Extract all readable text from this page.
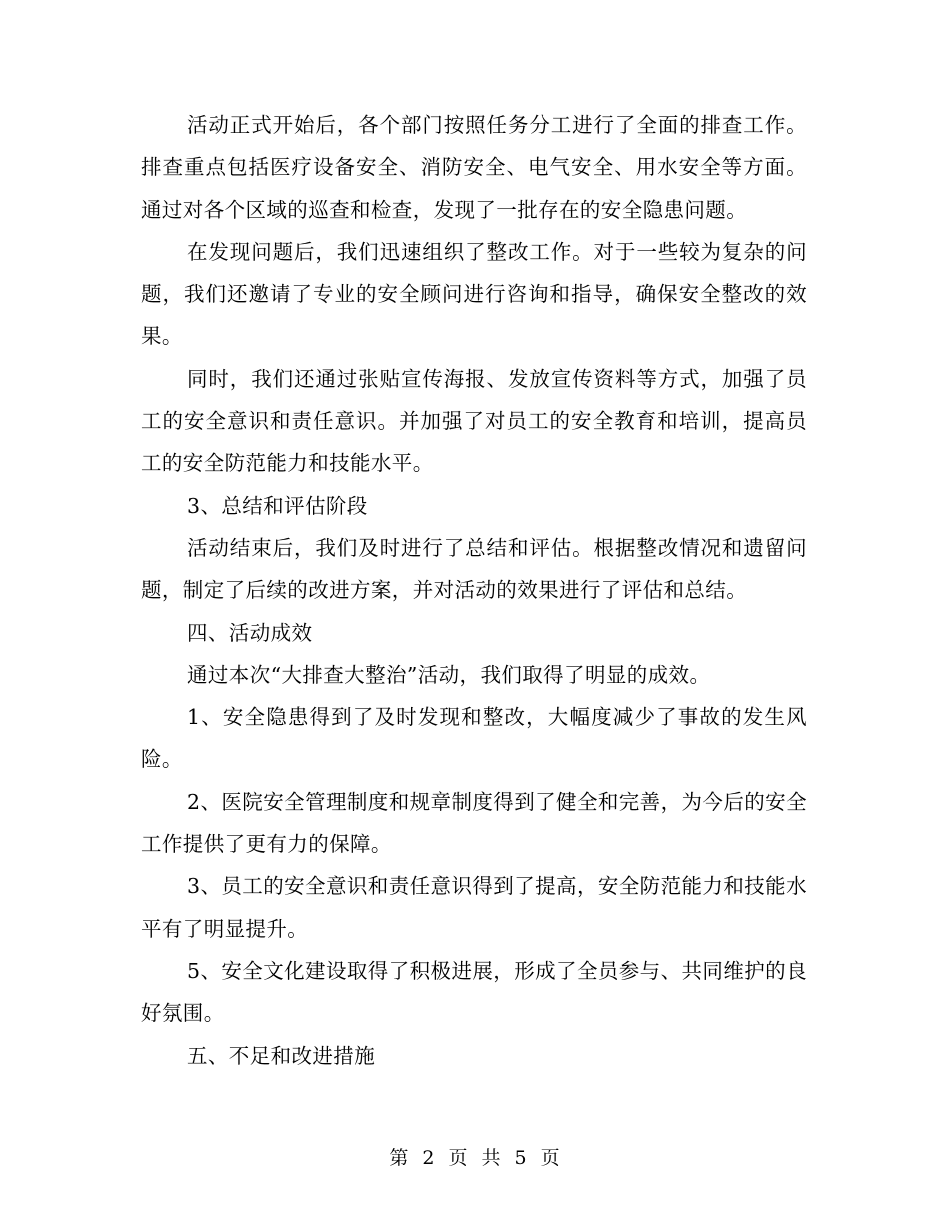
活动正式开始后，各个部门按照任务分工进行了全面的排查工作。排查重点包括医疗设备安全、消防安全、电气安全、用水安全等方面。通过对各个区域的巡查和检查，发现了一批存在的安全隐患问题。

在发现问题后，我们迅速组织了整改工作。对于一些较为复杂的问题，我们还邀请了专业的安全顾问进行咨询和指导，确保安全整改的效果。

同时，我们还通过张贴宣传海报、发放宣传资料等方式，加强了员工的安全意识和责任意识。并加强了对员工的安全教育和培训，提高员工的安全防范能力和技能水平。

3、总结和评估阶段

活动结束后，我们及时进行了总结和评估。根据整改情况和遗留问题，制定了后续的改进方案，并对活动的效果进行了评估和总结。

四、活动成效

通过本次“大排查大整治”活动，我们取得了明显的成效。

1、安全隐患得到了及时发现和整改，大幅度减少了事故的发生风险。

2、医院安全管理制度和规章制度得到了健全和完善，为今后的安全工作提供了更有力的保障。

3、员工的安全意识和责任意识得到了提高，安全防范能力和技能水平有了明显提升。

5、安全文化建设取得了积极进展，形成了全员参与、共同维护的良好氛围。

五、不足和改进措施

第 2 页 共 5 页
